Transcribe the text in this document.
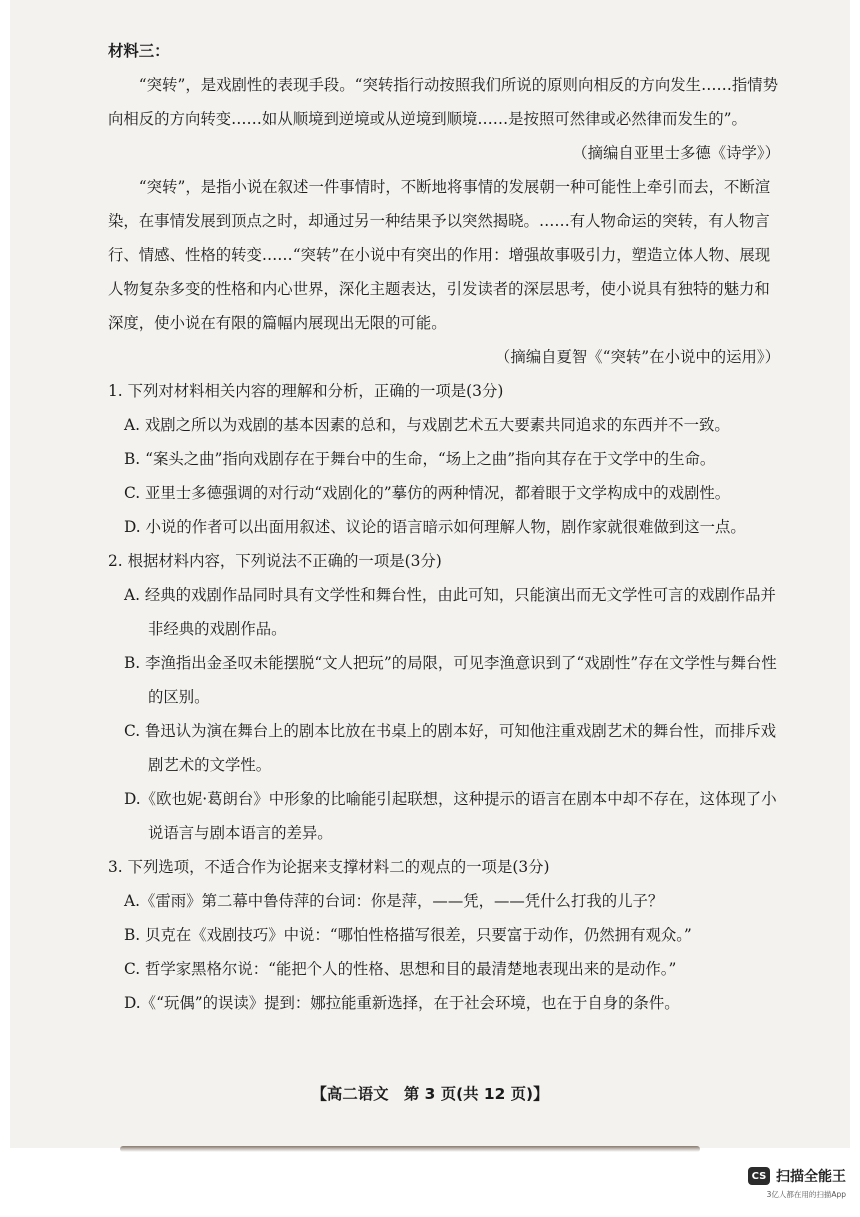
材料三：

“突转”，是戏剧性的表现手段。“突转指行动按照我们所说的原则向相反的方向发生……指情势向相反的方向转变……如从顺境到逆境或从逆境到顺境……是按照可然律或必然律而发生的”。

（摘编自亚里士多德《诗学》）

“突转”，是指小说在叙述一件事情时，不断地将事情的发展朝一种可能性上牵引而去，不断渲染，在事情发展到顶点之时，却通过另一种结果予以突然揭晓。……有人物命运的突转，有人物言行、情感、性格的转变……“突转”在小说中有突出的作用：增强故事吸引力，塑造立体人物、展现人物复杂多变的性格和内心世界，深化主题表达，引发读者的深层思考，使小说具有独特的魅力和深度，使小说在有限的篇幅内展现出无限的可能。

（摘编自夏智《“突转”在小说中的运用》）

1. 下列对材料相关内容的理解和分析，正确的一项是(3分)

A. 戏剧之所以为戏剧的基本因素的总和，与戏剧艺术五大要素共同追求的东西并不一致。

B. “案头之曲”指向戏剧存在于舞台中的生命，“场上之曲”指向其存在于文学中的生命。

C. 亚里士多德强调的对行动“戏剧化的”摹仿的两种情况，都着眼于文学构成中的戏剧性。

D. 小说的作者可以出面用叙述、议论的语言暗示如何理解人物，剧作家就很难做到这一点。

2. 根据材料内容，下列说法不正确的一项是(3分)

A. 经典的戏剧作品同时具有文学性和舞台性，由此可知，只能演出而无文学性可言的戏剧作品并非经典的戏剧作品。

B. 李渔指出金圣叹未能摆脱“文人把玩”的局限，可见李渔意识到了“戏剧性”存在文学性与舞台性的区别。

C. 鲁迅认为演在舞台上的剧本比放在书桌上的剧本好，可知他注重戏剧艺术的舞台性，而排斥戏剧艺术的文学性。

D.《欧也妮·葛朗台》中形象的比喻能引起联想，这种提示的语言在剧本中却不存在，这体现了小说语言与剧本语言的差异。

3. 下列选项，不适合作为论据来支撑材料二的观点的一项是(3分)

A.《雷雨》第二幕中鲁侍萍的台词：你是萍，——凭，——凭什么打我的儿子？

B. 贝克在《戏剧技巧》中说：“哪怕性格描写很差，只要富于动作，仍然拥有观众。”

C. 哲学家黑格尔说：“能把个人的性格、思想和目的最清楚地表现出来的是动作。”

D.《“玩偶”的误读》提到：娜拉能重新选择，在于社会环境，也在于自身的条件。

【高二语文　第 3 页(共 12 页)】
CS 扫描全能王
3亿人都在用的扫描App
